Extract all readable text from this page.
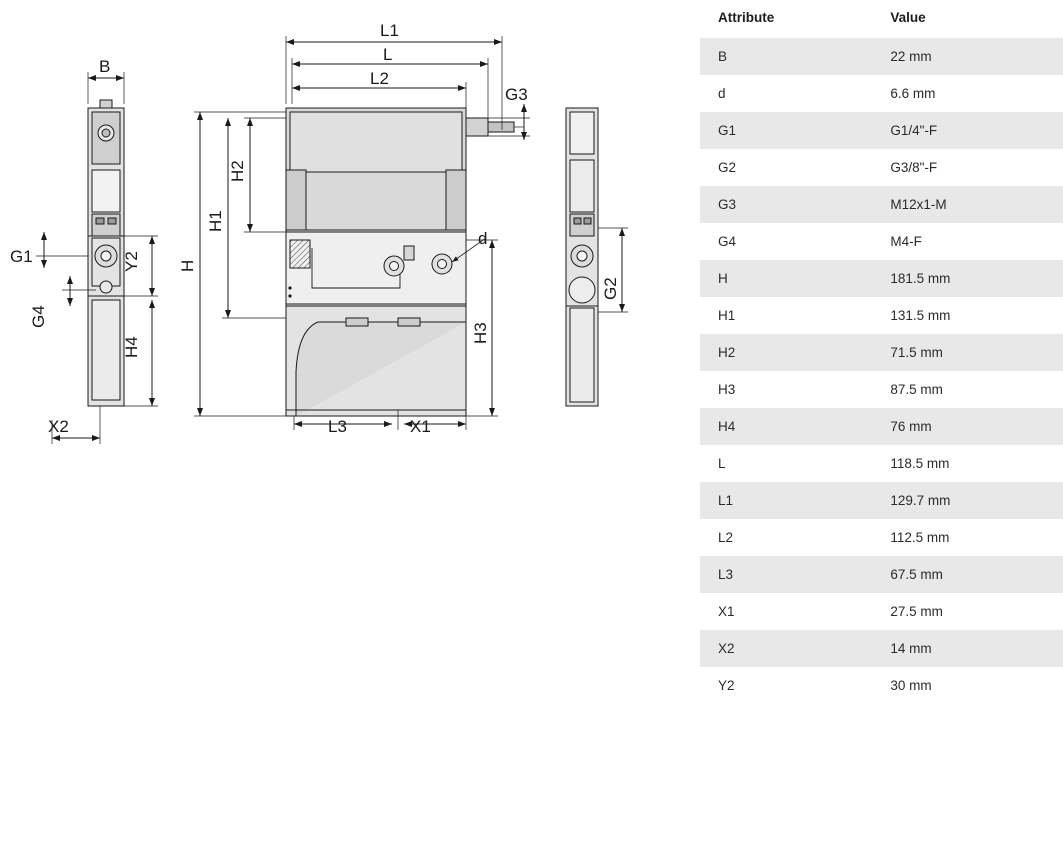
B
G1
G4
Y2
H4
X2
L1
L
L2
G3
H2
H1
H
d
H3
L3	X1
G2
Attribute	Value
B	22 mm
d	6.6 mm
G1	G1/4"-F
G2	G3/8"-F
G3	M12x1-M
G4	M4-F
H	181.5 mm
H1	131.5 mm
H2	71.5 mm
H3	87.5 mm
H4	76 mm
L	118.5 mm
L1	129.7 mm
L2	112.5 mm
L3	67.5 mm
X1	27.5 mm
X2	14 mm
Y2	30 mm
